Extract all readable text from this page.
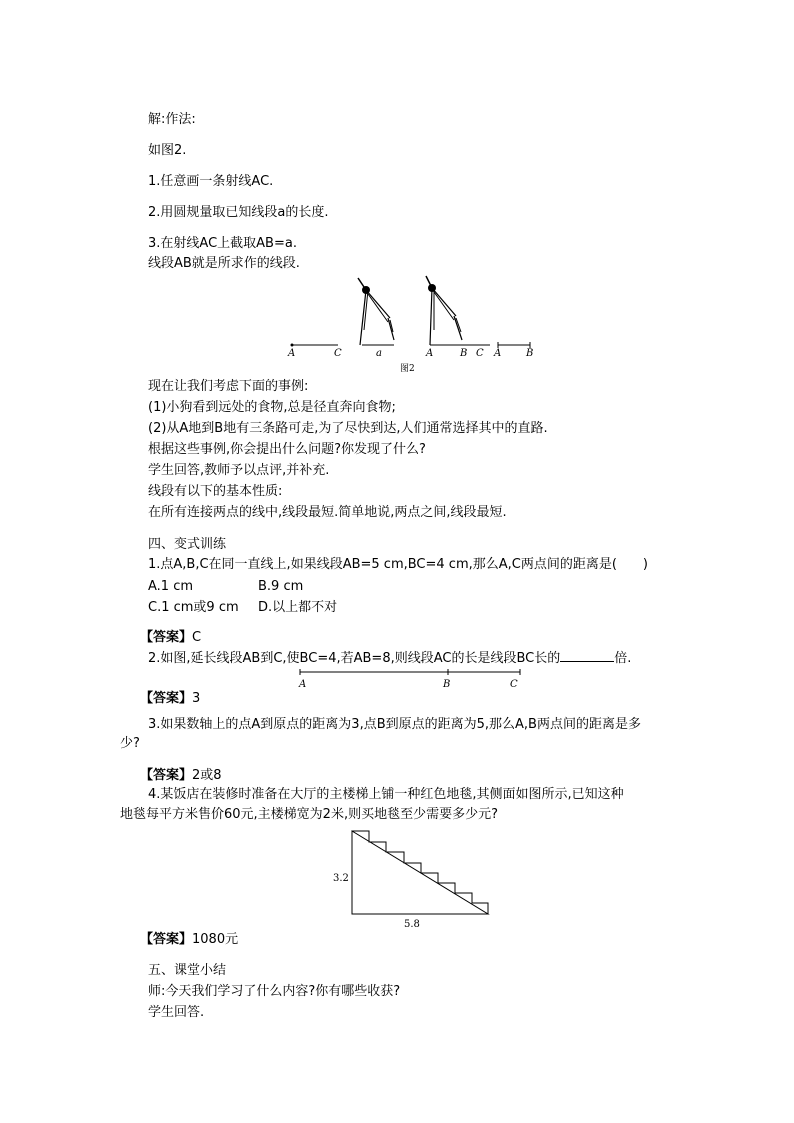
解:作法:
如图2.
1.任意画一条射线AC.
2.用圆规量取已知线段a的长度.
3.在射线AC上截取AB=a.
线段AB就是所求作的线段.
A	C	a	A	B C A B
图2
现在让我们考虑下面的事例:
(1)小狗看到远处的食物,总是径直奔向食物;
(2)从A地到B地有三条路可走,为了尽快到达,人们通常选择其中的直路.
根据这些事例,你会提出什么问题?你发现了什么?
学生回答,教师予以点评,并补充.
线段有以下的基本性质:
在所有连接两点的线中,线段最短.简单地说,两点之间,线段最短.
四、变式训练
1.点A,B,C在同一直线上,如果线段AB=5 cm,BC=4 cm,那么A,C两点间的距离是(　　)
A.1 cm	B.9 cm
C.1 cm或9 cm D.以上都不对
【答案】C
2.如图,延长线段AB到C,使BC=4,若AB=8,则线段AC的长是线段BC长的	倍.
A	B	C
【答案】3
3.如果数轴上的点A到原点的距离为3,点B到原点的距离为5,那么A,B两点间的距离是多
少?
【答案】2或8
4.某饭店在装修时准备在大厅的主楼梯上铺一种红色地毯,其侧面如图所示,已知这种
地毯每平方米售价60元,主楼梯宽为2米,则买地毯至少需要多少元?
3.2
5.8
【答案】1080元
五、课堂小结
师:今天我们学习了什么内容?你有哪些收获?
学生回答.
